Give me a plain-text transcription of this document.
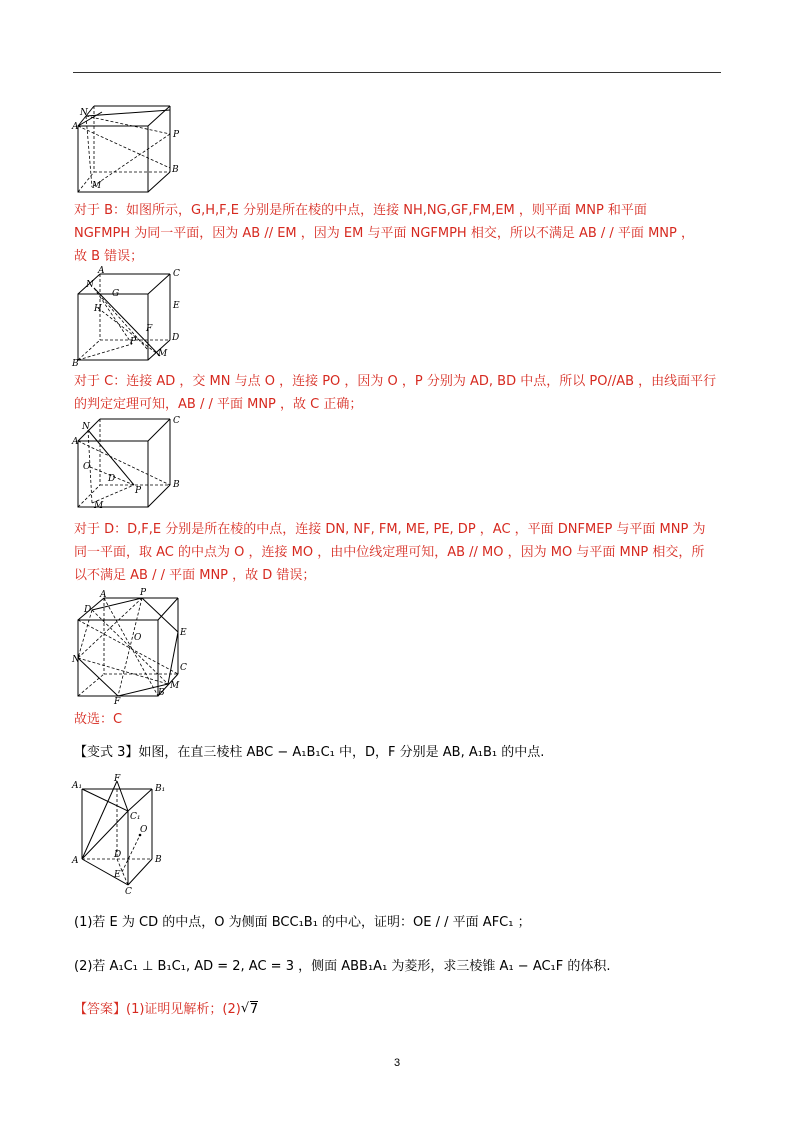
N
A
P
B
M
对于 B：如图所示，G,H,F,E 分别是所在棱的中点，连接 NH,NG,GF,FM,EM ，则平面 MNP 和平面
NGFMPH 为同一平面，因为 AB // EM ，因为 EM 与平面 NGFMPH 相交，所以不满足 AB / / 平面 MNP ，
故 B 错误；
A	C
N
G
H	E
F
P	D
M
B
对于 C：连接 AD ，交 MN 与点 O ，连接 PO ，因为 O ，P 分别为 AD, BD 中点，所以 PO//AB ，由线面平行
的判定定理可知，AB / / 平面 MNP ，故 C 正确；
N
C
A
O
D
P
B
M
对于 D：D,F,E 分别是所在棱的中点，连接 DN, NF, FM, ME, PE, DP ，AC ，平面 DNFMEP 与平面 MNP 为
同一平面，取 AC 的中点为 O ，连接 MO ，由中位线定理可知，AB // MO ，因为 MO 与平面 MNP 相交，所
以不满足 AB / / 平面 MNP ，故 D 错误；
A	P
D
O	E
N
C
M
B
F
故选：C
【变式 3】如图，在直三棱柱 ABC − A₁B₁C₁ 中，D，F 分别是 AB, A₁B₁ 的中点.
F
A₁	B₁
C₁
O
D
A	B
E
C
(1)若 E 为 CD 的中点，O 为侧面 BCC₁B₁ 的中心，证明：OE / / 平面 AFC₁ ；
(2)若 A₁C₁ ⊥ B₁C₁, AD = 2, AC = 3 ，侧面 ABB₁A₁ 为菱形，求三棱锥 A₁ − AC₁F 的体积.
【答案】(1)证明见解析；(2)√ 7
3
